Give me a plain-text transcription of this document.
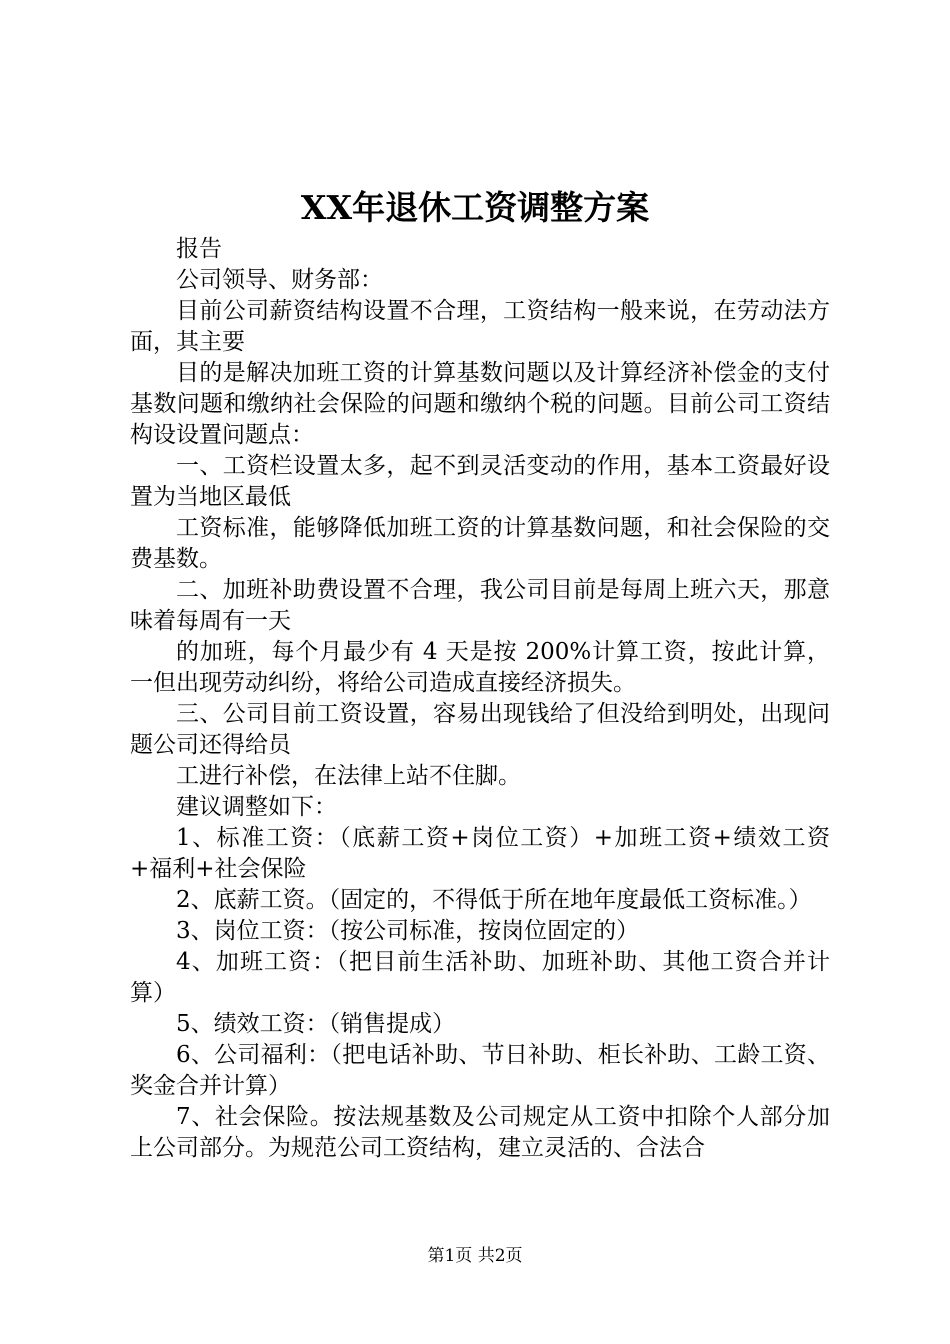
XX年退休工资调整方案

报告

公司领导、财务部：

目前公司薪资结构设置不合理，工资结构一般来说，在劳动法方面，其主要

目的是解决加班工资的计算基数问题以及计算经济补偿金的支付基数问题和缴纳社会保险的问题和缴纳个税的问题。目前公司工资结构设设置问题点：

一、工资栏设置太多，起不到灵活变动的作用，基本工资最好设置为当地区最低

工资标准，能够降低加班工资的计算基数问题，和社会保险的交费基数。

二、加班补助费设置不合理，我公司目前是每周上班六天，那意味着每周有一天

的加班，每个月最少有 4 天是按 200%计算工资，按此计算，一但出现劳动纠纷，将给公司造成直接经济损失。

三、公司目前工资设置，容易出现钱给了但没给到明处，出现问题公司还得给员

工进行补偿，在法律上站不住脚。

建议调整如下：

1、标准工资：（底薪工资+岗位工资）+加班工资+绩效工资+福利+社会保险

2、底薪工资。（固定的，不得低于所在地年度最低工资标准。）

3、岗位工资：（按公司标准，按岗位固定的）

4、加班工资：（把目前生活补助、加班补助、其他工资合并计算）

5、绩效工资：（销售提成）

6、公司福利：（把电话补助、节日补助、柜长补助、工龄工资、奖金合并计算）

7、社会保险。按法规基数及公司规定从工资中扣除个人部分加上公司部分。为规范公司工资结构，建立灵活的、合法合

第1页 共2页
